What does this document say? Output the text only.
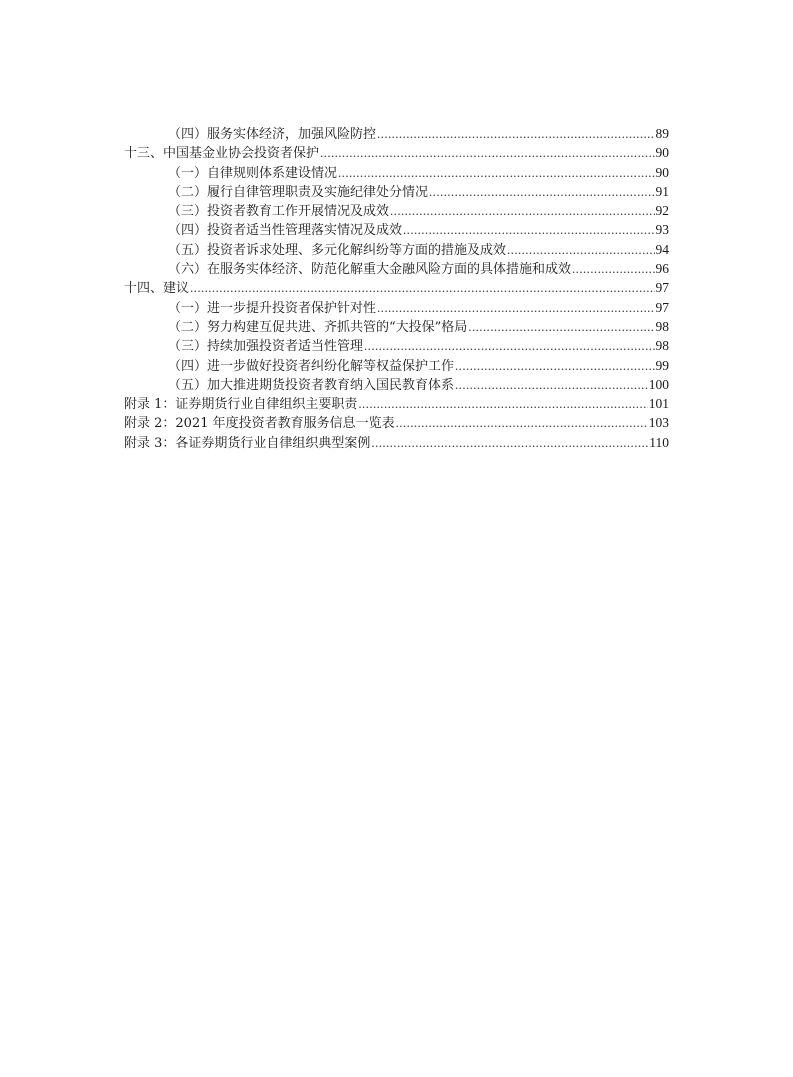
（四）服务实体经济，加强风险防控 .....	89
十三、中国基金业协会投资者保护 .....	90
（一）自律规则体系建设情况 .....	90
（二）履行自律管理职责及实施纪律处分情况 .....	91
（三）投资者教育工作开展情况及成效 .....	92
（四）投资者适当性管理落实情况及成效 .....	93
（五）投资者诉求处理、多元化解纠纷等方面的措施及成效 .....	94
（六）在服务实体经济、防范化解重大金融风险方面的具体措施和成效 .....	96
十四、建议 .....	97
（一）进一步提升投资者保护针对性 .....	97
（二）努力构建互促共进、齐抓共管的“大投保”格局 .....	98
（三）持续加强投资者适当性管理 .....	98
（四）进一步做好投资者纠纷化解等权益保护工作 .....	99
（五）加大推进期货投资者教育纳入国民教育体系 .....	100
附录 1：证券期货行业自律组织主要职责 .....	101
附录 2：2021 年度投资者教育服务信息一览表 .....	103
附录 3：各证券期货行业自律组织典型案例 .....	110
